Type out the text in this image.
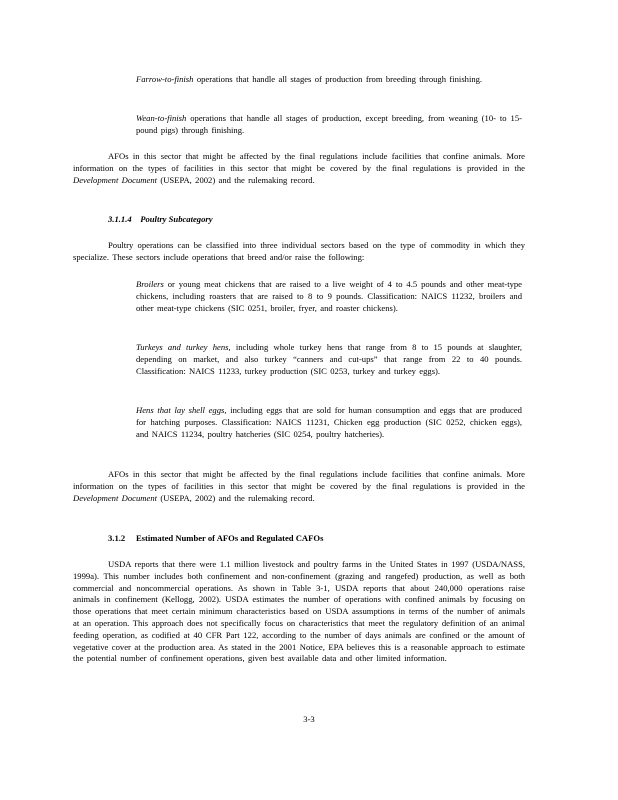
Farrow-to-finish operations that handle all stages of production from breeding through finishing.

Wean-to-finish operations that handle all stages of production, except breeding, from weaning (10- to 15- pound pigs) through finishing.

AFOs in this sector that might be affected by the final regulations include facilities that confine animals. More information on the types of facilities in this sector that might be covered by the final regulations is provided in the Development Document (USEPA, 2002) and the rulemaking record.

3.1.1.4 Poultry Subcategory

Poultry operations can be classified into three individual sectors based on the type of commodity in which they specialize. These sectors include operations that breed and/or raise the following:

Broilers or young meat chickens that are raised to a live weight of 4 to 4.5 pounds and other meat-type chickens, including roasters that are raised to 8 to 9 pounds. Classification: NAICS 11232, broilers and other meat-type chickens (SIC 0251, broiler, fryer, and roaster chickens).

Turkeys and turkey hens, including whole turkey hens that range from 8 to 15 pounds at slaughter, depending on market, and also turkey “canners and cut-ups” that range from 22 to 40 pounds. Classification: NAICS 11233, turkey production (SIC 0253, turkey and turkey eggs).

Hens that lay shell eggs, including eggs that are sold for human consumption and eggs that are produced for hatching purposes. Classification: NAICS 11231, Chicken egg production (SIC 0252, chicken eggs), and NAICS 11234, poultry hatcheries (SIC 0254, poultry hatcheries).

AFOs in this sector that might be affected by the final regulations include facilities that confine animals. More information on the types of facilities in this sector that might be covered by the final regulations is provided in the Development Document (USEPA, 2002) and the rulemaking record.

3.1.2 Estimated Number of AFOs and Regulated CAFOs

USDA reports that there were 1.1 million livestock and poultry farms in the United States in 1997 (USDA/NASS, 1999a). This number includes both confinement and non-confinement (grazing and rangefed) production, as well as both commercial and noncommercial operations. As shown in Table 3-1, USDA reports that about 240,000 operations raise animals in confinement (Kellogg, 2002). USDA estimates the number of operations with confined animals by focusing on those operations that meet certain minimum characteristics based on USDA assumptions in terms of the number of animals at an operation. This approach does not specifically focus on characteristics that meet the regulatory definition of an animal feeding operation, as codified at 40 CFR Part 122, according to the number of days animals are confined or the amount of vegetative cover at the production area. As stated in the 2001 Notice, EPA believes this is a reasonable approach to estimate the potential number of confinement operations, given best available data and other limited information.

3-3
